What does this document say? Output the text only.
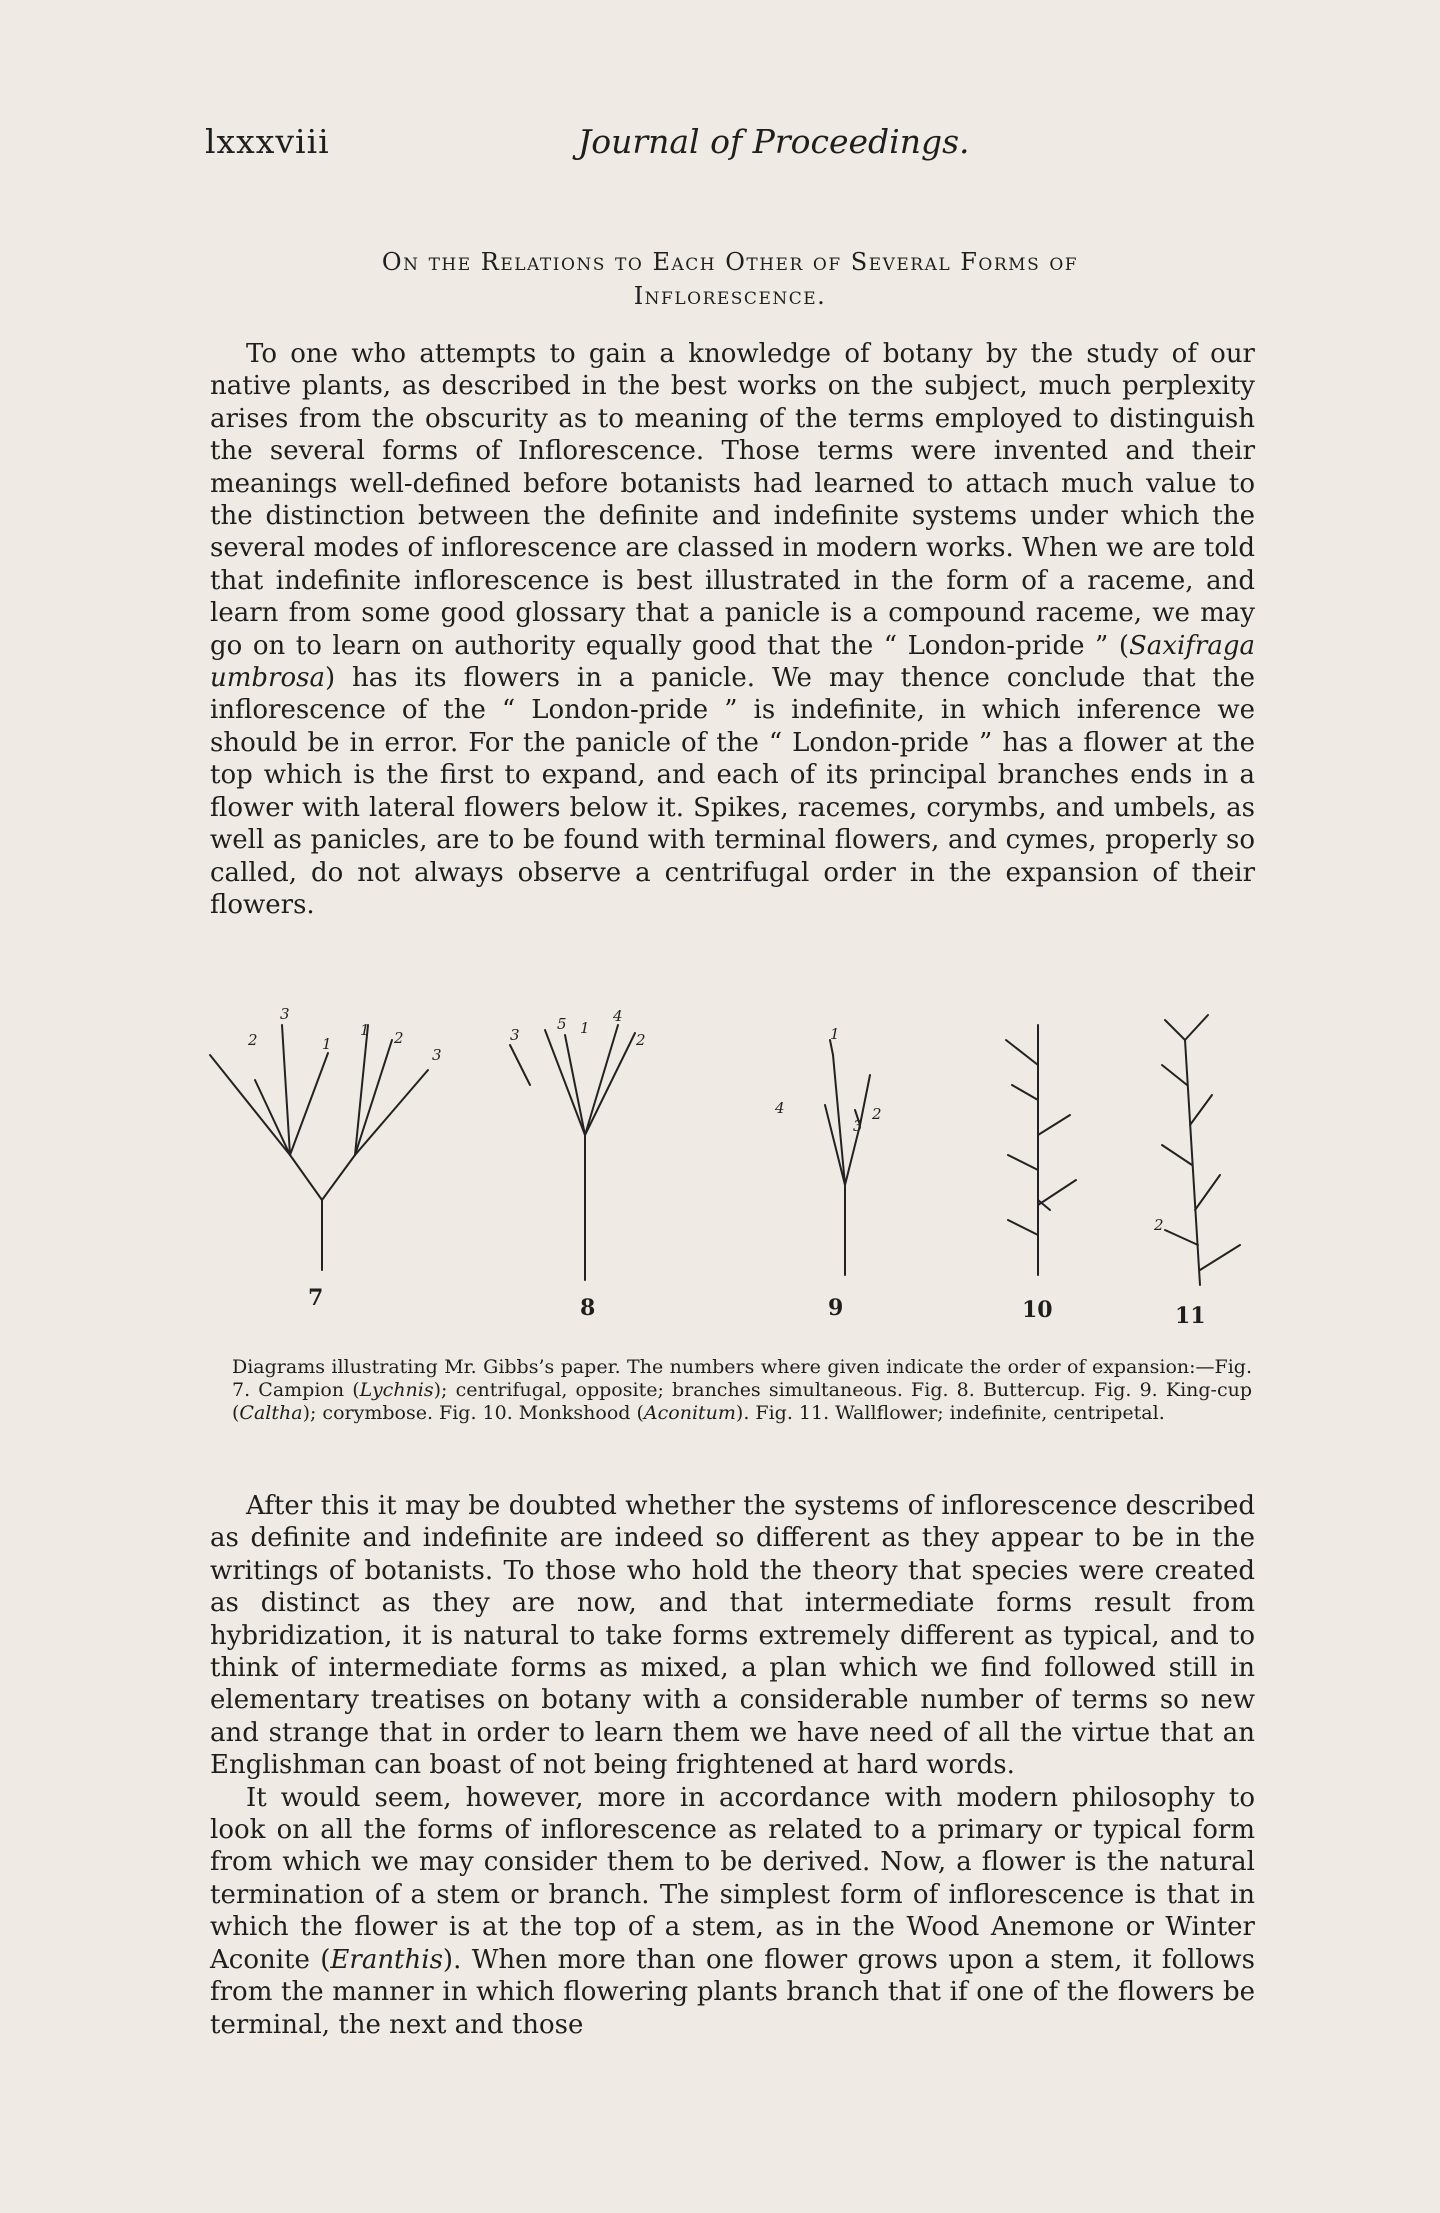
lxxxviii	Journal of Proceedings.
On the Relations to Each Other of Several Forms of
Inflorescence.

To one who attempts to gain a knowledge of botany by the study of our native plants, as described in the best works on the subject, much perplexity arises from the obscurity as to meaning of the terms employed to distinguish the several forms of Inflorescence. Those terms were invented and their meanings well-defined before botanists had learned to attach much value to the distinction between the definite and indefinite systems under which the several modes of inflorescence are classed in modern works. When we are told that indefinite inflorescence is best illustrated in the form of a raceme, and learn from some good glossary that a panicle is a compound raceme, we may go on to learn on authority equally good that the “ London-pride ” (Saxifraga umbrosa) has its flowers in a panicle. We may thence conclude that the inflorescence of the “ London-pride ” is indefinite, in which inference we should be in error. For the panicle of the “ London-pride ” has a flower at the top which is the first to expand, and each of its principal branches ends in a flower with lateral flowers below it. Spikes, racemes, corymbs, and umbels, as well as panicles, are to be found with terminal flowers, and cymes, properly so called, do not always observe a centrifugal order in the expansion of their flowers.

3
2	1
1 2
3
3
5 1
4
2	1
4
3
2
2
7	8	9	10	11
Diagrams illustrating Mr. Gibbs’s paper. The numbers where given indicate the order of expansion:—Fig. 7. Campion (Lychnis); centrifugal, opposite; branches simultaneous. Fig. 8. Buttercup. Fig. 9. King-cup (Caltha); corymbose. Fig. 10. Monkshood (Aconitum). Fig. 11. Wallflower; indefinite, centripetal.

After this it may be doubted whether the systems of inflorescence described as definite and indefinite are indeed so different as they appear to be in the writings of botanists. To those who hold the theory that species were created as distinct as they are now, and that intermediate forms result from hybridization, it is natural to take forms extremely different as typical, and to think of intermediate forms as mixed, a plan which we find followed still in elementary treatises on botany with a considerable number of terms so new and strange that in order to learn them we have need of all the virtue that an Englishman can boast of not being frightened at hard words.

It would seem, however, more in accordance with modern philosophy to look on all the forms of inflorescence as related to a primary or typical form from which we may consider them to be derived. Now, a flower is the natural termination of a stem or branch. The simplest form of inflorescence is that in which the flower is at the top of a stem, as in the Wood Anemone or Winter Aconite (Eranthis). When more than one flower grows upon a stem, it follows from the manner in which flowering plants branch that if one of the flowers be terminal, the next and those
